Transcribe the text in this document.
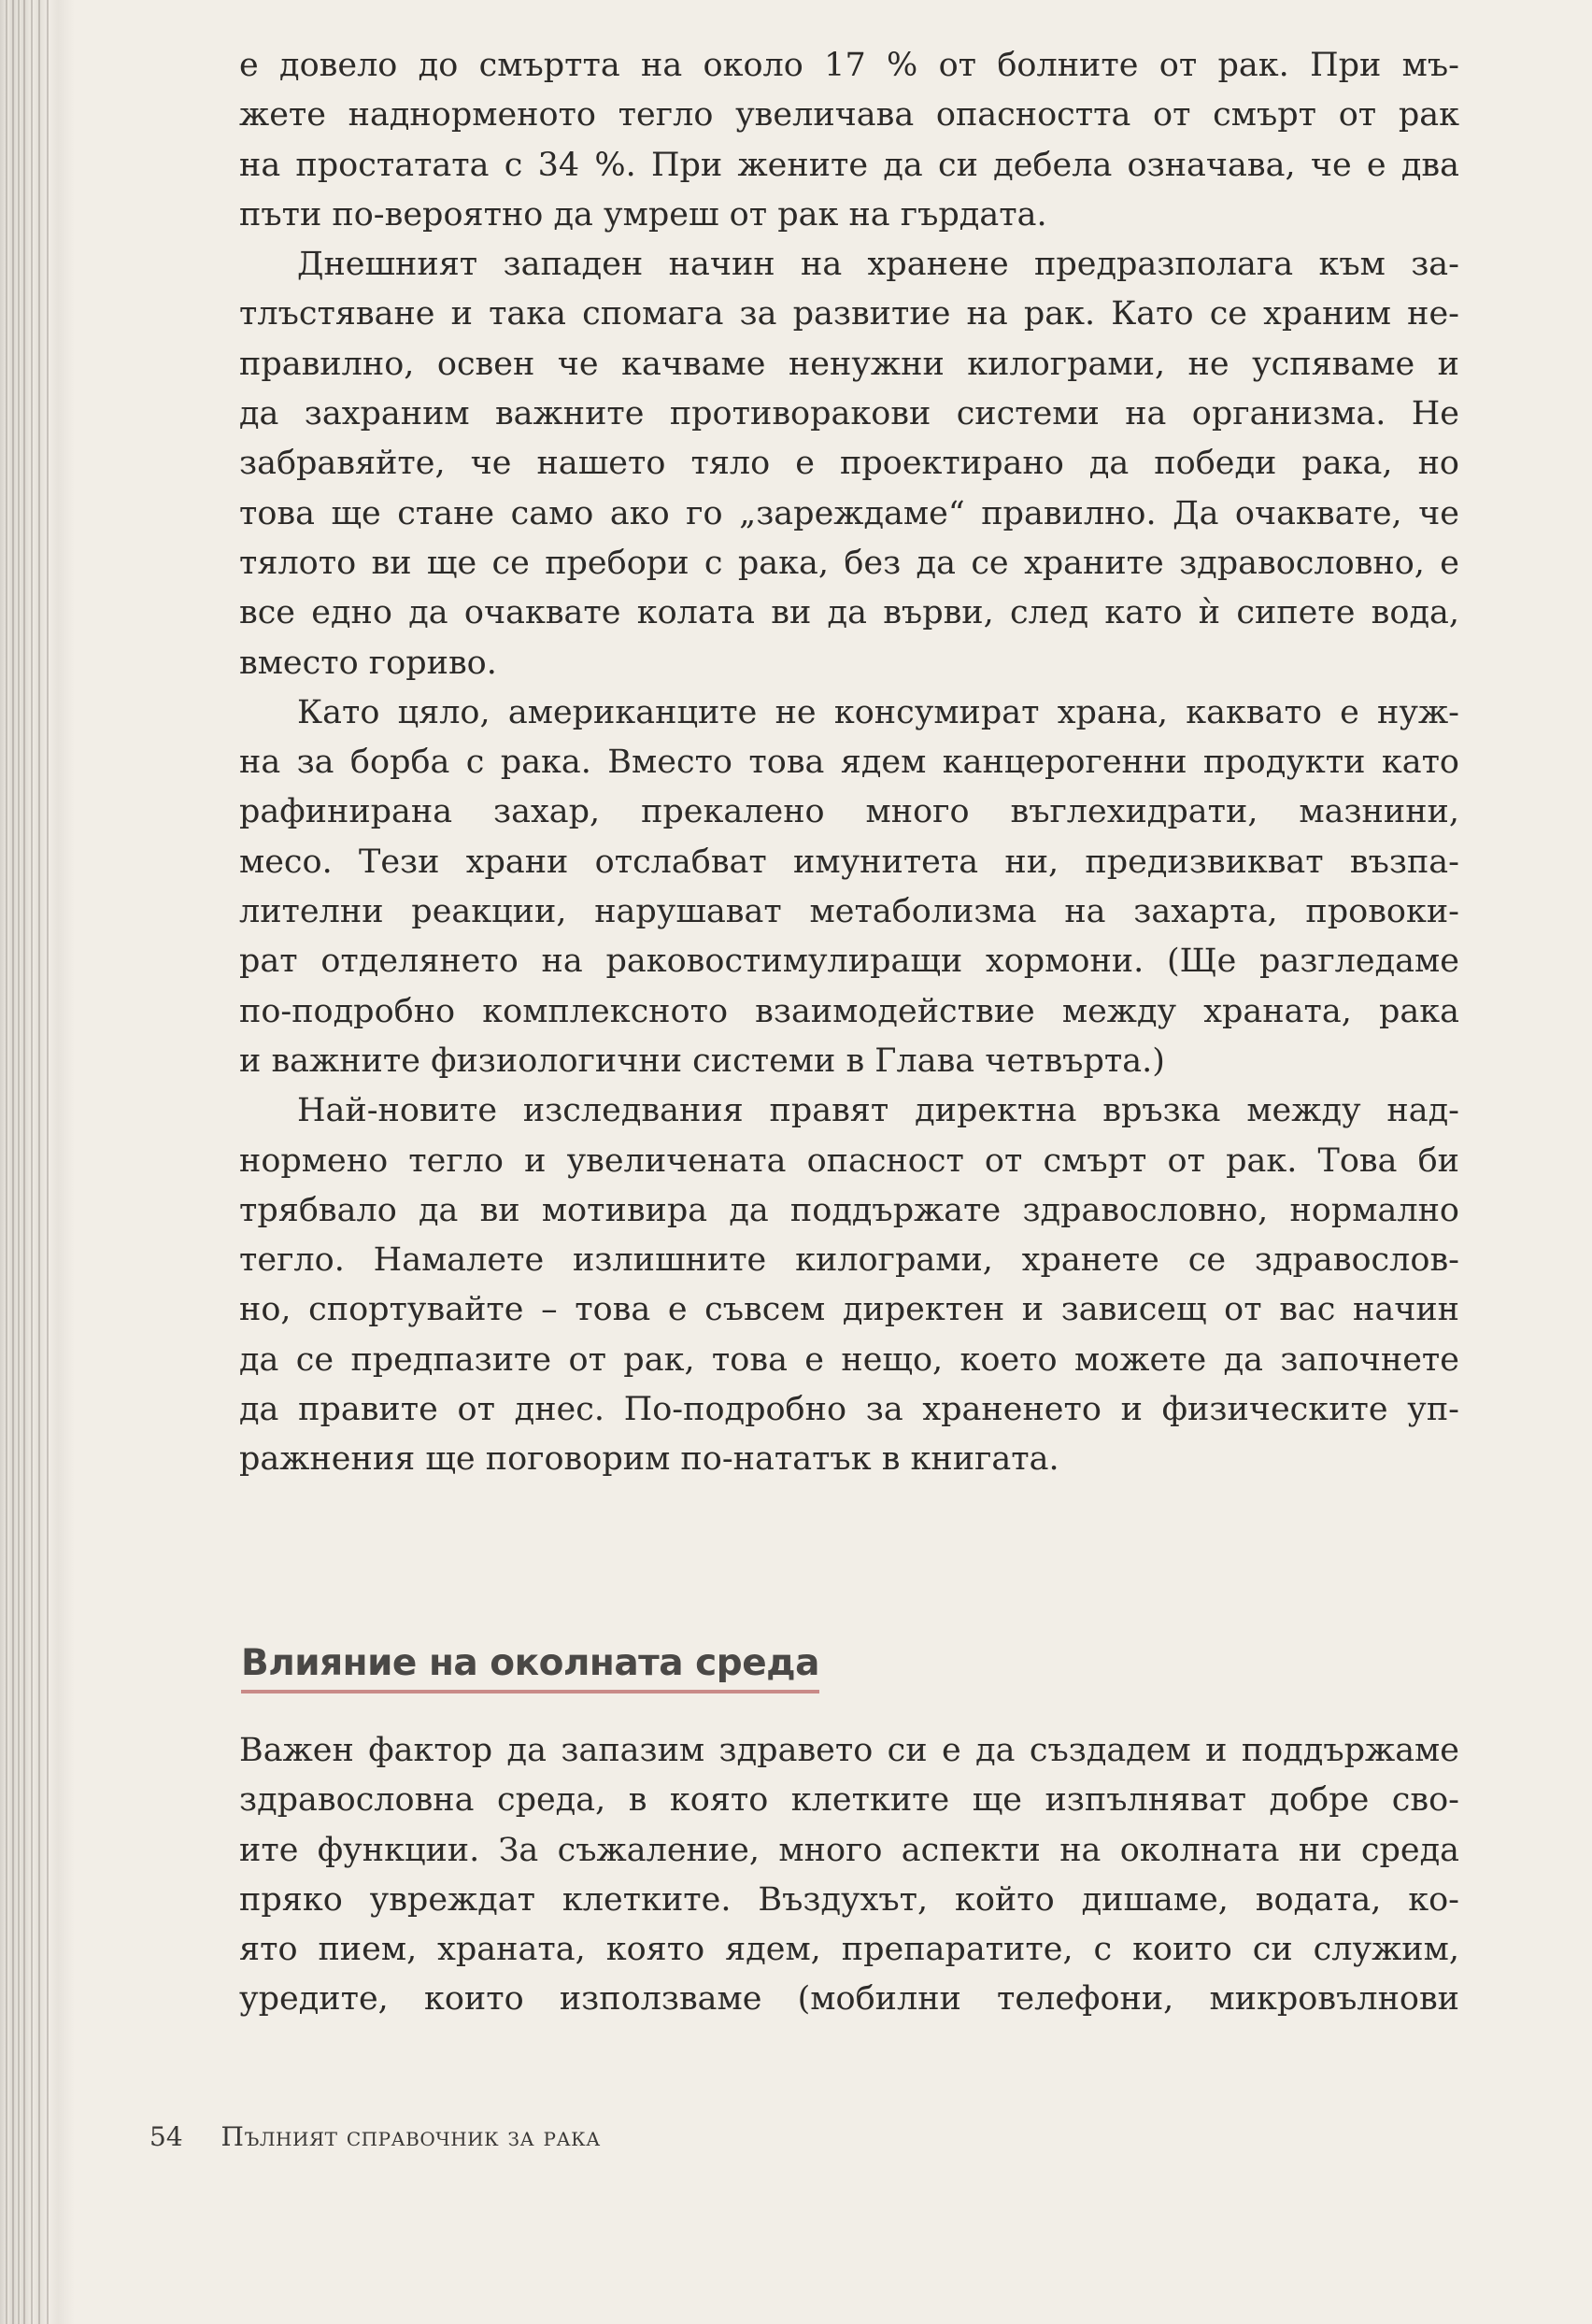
е довело до смъртта на около 17 % от болните от рак. При мъ-

жете наднорменото тегло увеличава опасността от смърт от рак

на простатата с 34 %. При жените да си дебела означава, че е два

пъти по-вероятно да умреш от рак на гърдата.

Днешният западен начин на хранене предразполага към за-

тлъстяване и така спомага за развитие на рак. Като се храним не-

правилно, освен че качваме ненужни килограми, не успяваме и

да захраним важните противоракови системи на организма. Не

забравяйте, че нашето тяло е проектирано да победи рака, но

това ще стане само ако го „зареждаме“ правилно. Да очаквате, че

тялото ви ще се пребори с рака, без да се храните здравословно, е

все едно да очаквате колата ви да върви, след като ѝ сипете вода,

вместо гориво.

Като цяло, американците не консумират храна, каквато е нуж-

на за борба с рака. Вместо това ядем канцерогенни продукти като

рафинирана захар, прекалено много въглехидрати, мазнини,

месо. Тези храни отслабват имунитета ни, предизвикват възпа-

лителни реакции, нарушават метаболизма на захарта, провоки-

рат отделянето на раковостимулиращи хормони. (Ще разгледаме

по-подробно комплексното взаимодействие между храната, рака

и важните физиологични системи в Глава четвърта.)

Най-новите изследвания правят директна връзка между над-

нормено тегло и увеличената опасност от смърт от рак. Това би

трябвало да ви мотивира да поддържате здравословно, нормално

тегло. Намалете излишните килограми, хранете се здравослов-

но, спортувайте – това е съвсем директен и зависещ от вас начин

да се предпазите от рак, това е нещо, което можете да започнете

да правите от днес. По-подробно за храненето и физическите уп-

ражнения ще поговорим по-нататък в книгата.

Влияние на околната среда

Важен фактор да запазим здравето си е да създадем и поддържаме

здравословна среда, в която клетките ще изпълняват добре сво-

ите функции. За съжаление, много аспекти на околната ни среда

пряко увреждат клетките. Въздухът, който дишаме, водата, ко-

ято пием, храната, която ядем, препаратите, с които си служим,

уредите, които използваме (мобилни телефони, микровълнови

54 Пълният справочник за рака
